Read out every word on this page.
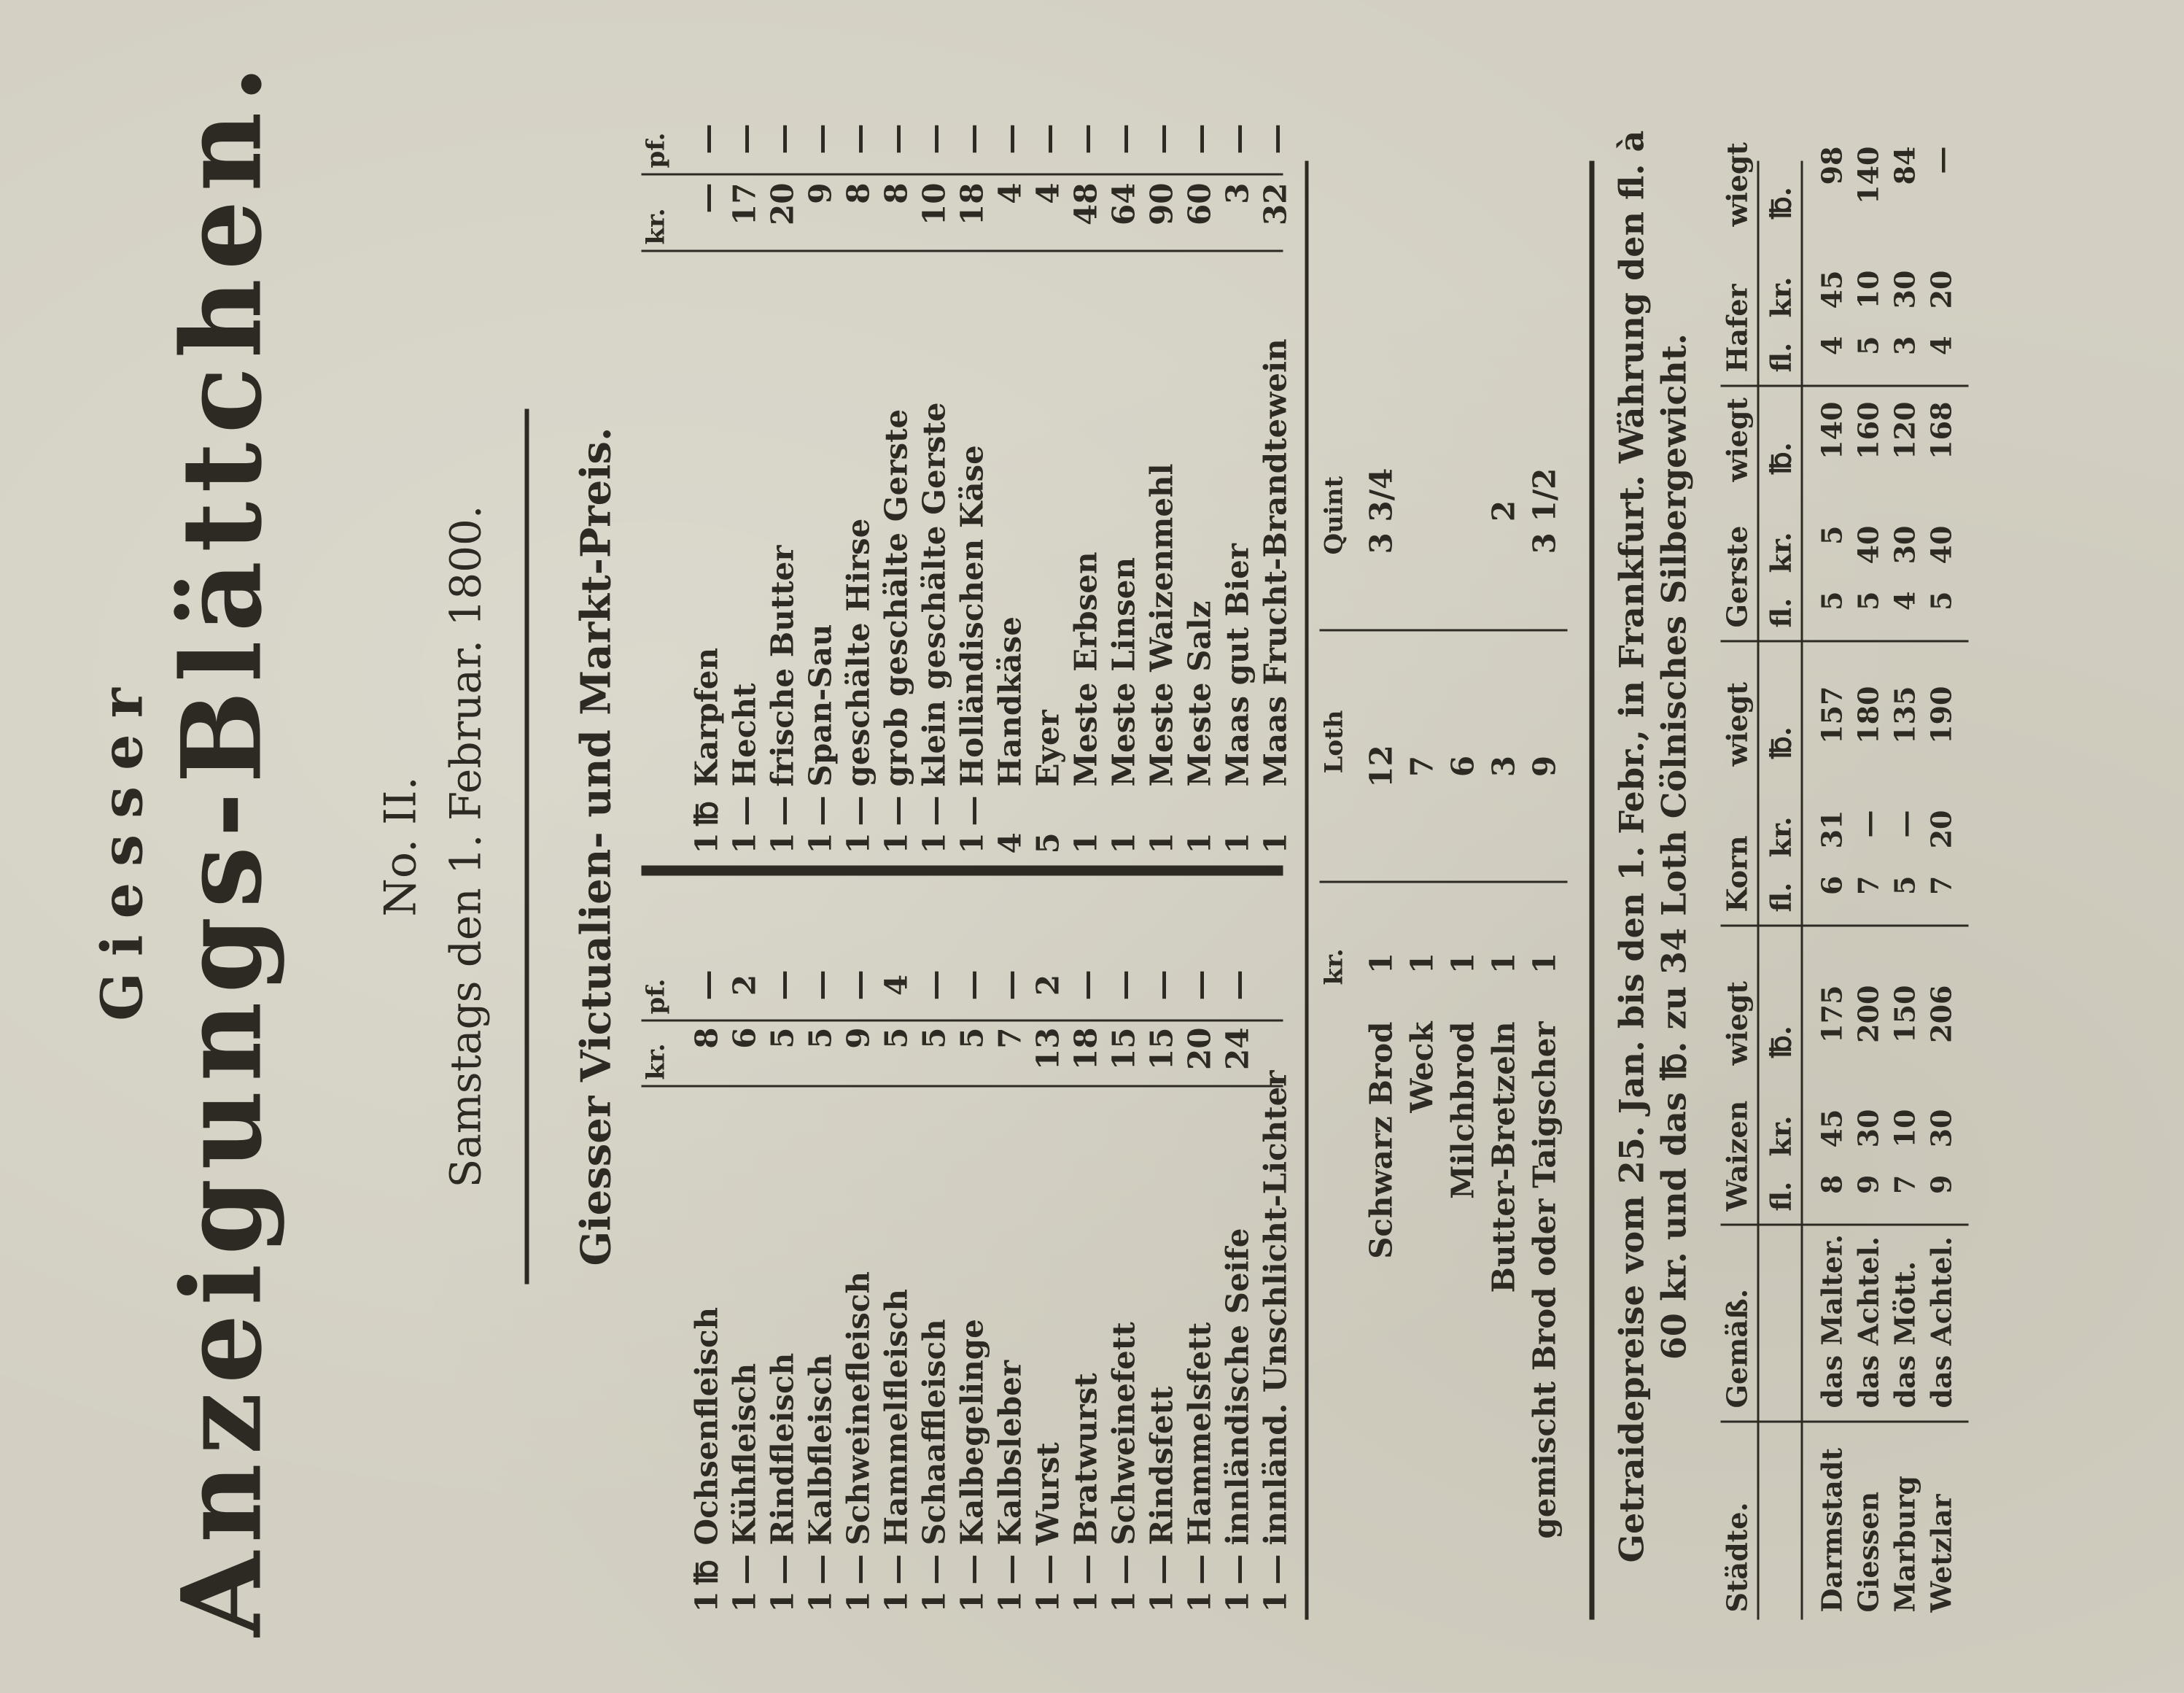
Giesser Anzeigungs-Blättchen. No. II. Samstags den 1. Februar. 1800. Giesser Victualien- und Markt-Preis. kr.
pf.
kr.
pf.
1
℔
Ochsenfleisch
8
—
1
—
Kühfleisch
6
2
1
—
Rindfleisch
5
—
1
—
Kalbfleisch
5
—
1
—
Schweinefleisch
9
—
1
—
Hammelfleisch
5
4
1
—
Schaaffleisch
5
—
1
—
Kalbegelinge
5
—
1
—
Kalbsleber
7
—
1
—
Wurst
13
2
1
—
Bratwurst
18
—
1
—
Schweinefett
15
—
1
—
Rindsfett
15
—
1
—
Hammelsfett
20
—
1
—
innländische Seife
24
—
1
—
innländ. Unschlicht-Lichter
1
℔
Karpfen
—
—
1
—
Hecht
17
—
1
—
frische Butter
20
—
1
—
Span-Sau
9
—
1
—
geschälte Hirse
8
—
1
—
grob geschälte Gerste
8
—
1
—
klein geschälte Gerste
10
—
1
—
Holländischen Käse
18
—
4
Handkäse
4
—
5
Eyer
4
—
1
Meste Erbsen
48
—
1
Meste Linsen
64
—
1
Meste Waizenmehl
90
—
1
Meste Salz
60
—
1
Maas gut Bier
3
—
1
Maas Frucht-Brandtewein
32
—
kr.
Loth
Quint
Schwarz Brod
1
12
3 3/4
Weck
1
7
Milchbrod
1
6
Butter-Bretzeln
1
3
2
gemischt Brod oder Taigscher
1
9
3 1/2 Getraidepreise vom 25. Jan. bis den 1. Febr., in Frankfurt. Währung den fl. à 60 kr. und das ℔. zu 34 Loth Cölnisches Silbergewicht.
Städte.
Gemäß.
Waizen
wiegt
fl.
kr.
℔.
Korn
wiegt
fl.
kr.
℔.
Gerste
wiegt
fl.
kr.
℔.
Hafer
wiegt
fl.
kr.
℔.
Darmstadt
das Malter.
8
45
175
6
31
157
5
5
140
4
45
98
Giessen
das Achtel.
9
30
200
7
—
180
5
40
160
5
10
140
Marburg
das Mött.
7
10
150
5
—
135
4
30
120
3
30
84
Wetzlar
das Achtel.
9
30
206
7
20
190
5
40
168
4
20
—
